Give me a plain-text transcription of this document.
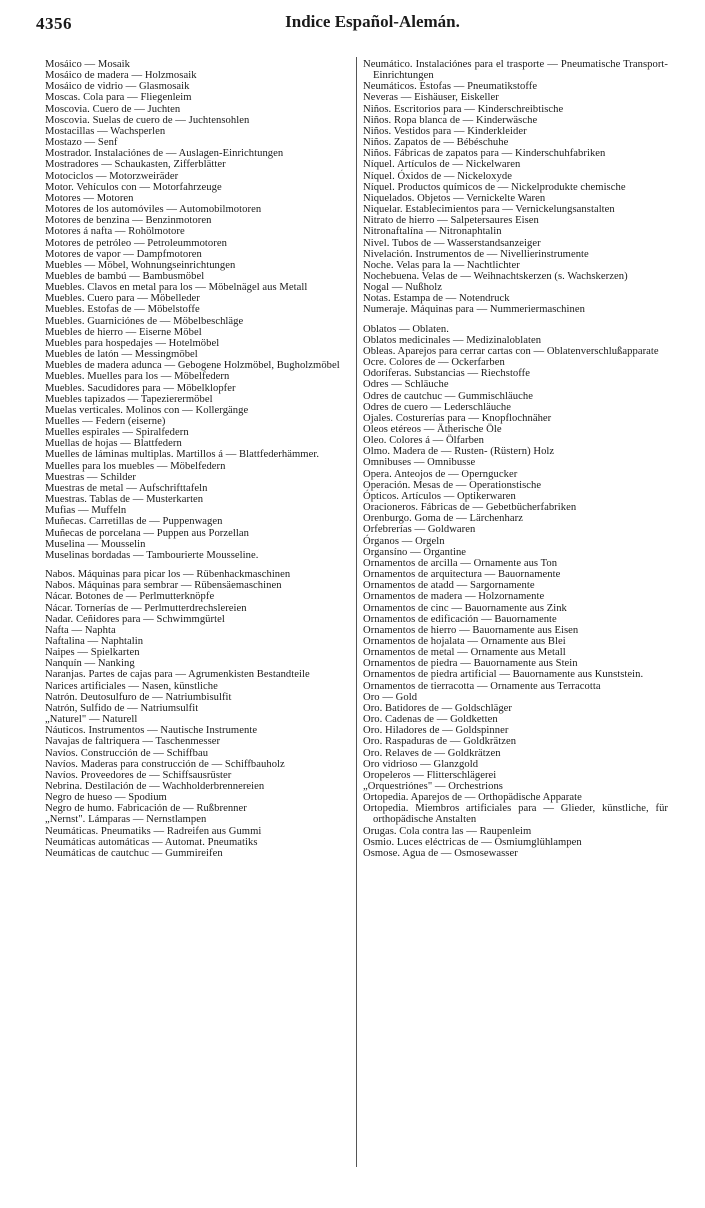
4356	Indice Español-Alemán.
Mosáico — Mosaik
Mosáico de madera — Holzmosaik
Mosáico de vidrio — Glasmosaik
Moscas. Cola para — Fliegenleim
Moscovia. Cuero de — Juchten
Moscovia. Suelas de cuero de — Juchtensohlen
Mostacillas — Wachsperlen
Mostazo — Senf
Mostrador. Instalaciónes de — Auslagen-Einrichtungen
Mostradores — Schaukasten, Zifferblätter
Motociclos — Motorzweiräder
Motor. Vehículos con — Motorfahrzeuge
Motores — Motoren
Motores de los automóviles — Automobilmotoren
Motores de benzina — Benzinmotoren
Motores á nafta — Rohölmotore
Motores de petróleo — Petroleummotoren
Motores de vapor — Dampfmotoren
Muebles — Möbel, Wohnungseinrichtungen
Muebles de bambú — Bambusmöbel
Muebles. Clavos en metal para los — Möbelnägel aus Metall
Muebles. Cuero para — Möbelleder
Muebles. Estofas de — Möbelstoffe
Muebles. Guarniciónes de — Möbelbeschläge
Muebles de hierro — Eiserne Möbel
Muebles para hospedajes — Hotelmöbel
Muebles de latón — Messingmöbel
Muebles de madera adunca — Gebogene Holzmöbel, Bugholzmöbel
Muebles. Muelles para los — Möbelfedern
Muebles. Sacudidores para — Möbelklopfer
Muebles tapizados — Tapezierermöbel
Muelas verticales. Molinos con — Kollergänge
Muelles — Federn (eiserne)
Muelles espirales — Spiralfedern
Muellas de hojas — Blattfedern
Muelles de láminas multiplas. Martillos á — Blattfederhämmer.
Muelles para los muebles — Möbelfedern
Muestras — Schilder
Muestras de metal — Aufschrifttafeln
Muestras. Tablas de — Musterkarten
Mufias — Muffeln
Muñecas. Carretillas de — Puppenwagen
Muñecas de porcelana — Puppen aus Porzellan
Muselina — Mousselin
Muselinas bordadas — Tambourierte Mousseline.
Nabos. Máquinas para picar los — Rübenhackmaschinen
Nabos. Máquinas para sembrar — Rübensäemaschinen
Nácar. Botones de — Perlmutterknöpfe
Nácar. Tornerías de — Perlmutterdrechslereien
Nadar. Ceñidores para — Schwimmgürtel
Nafta — Naphta
Naftalina — Naphtalin
Naipes — Spielkarten
Nanquín — Nanking
Naranjas. Partes de cajas para — Agrumenkisten Bestandteile
Narices artificiales — Nasen, künstliche
Natrón. Deutosulfuro de — Natriumbisulfit
Natrón, Sulfido de — Natriumsulfit
„Naturel" — Naturell
Náuticos. Instrumentos — Nautische Instrumente
Navajas de faltriquera — Taschenmesser
Navíos. Construcción de — Schiffbau
Navíos. Maderas para construcción de — Schiffbauholz
Navíos. Proveedores de — Schiffsausrüster
Nebrina. Destilación de — Wachholderbrennereien
Negro de hueso — Spodium
Negro de humo. Fabricación de — Rußbrenner
„Nernst". Lámparas — Nernstlampen
Neumáticas. Pneumatiks — Radreifen aus Gummi
Neumáticas automáticas — Automat. Pneumatiks
Neumáticas de cautchuc — Gummireifen
Neumático. Instalaciónes para el trasporte — Pneumatische Transport-Einrichtungen
Neumáticos. Estofas — Pneumatikstoffe
Neveras — Eishäuser, Eiskeller
Niños. Escritorios para — Kinderschreibtische
Niños. Ropa blanca de — Kinderwäsche
Niños. Vestidos para — Kinderkleider
Niños. Zapatos de — Bébéschuhe
Niños. Fábricas de zapatos para — Kinderschuhfabriken
Níquel. Artículos de — Nickelwaren
Níquel. Óxidos de — Nickeloxyde
Níquel. Productos químicos de — Nickelprodukte chemische
Niquelados. Objetos — Vernickelte Waren
Niquelar. Establecimientos para — Vernickelungsanstalten
Nitrato de hierro — Salpetersaures Eisen
Nitronaftalína — Nitronaphtalin
Nivel. Tubos de — Wasserstandsanzeiger
Nivelación. Instrumentos de — Nivellierinstrumente
Noche. Velas para la — Nachtlichter
Nochebuena. Velas de — Weihnachtskerzen (s. Wachskerzen)
Nogal — Nußholz
Notas. Estampa de — Notendruck
Numeraje. Máquinas para — Nummeriermaschinen
Oblatos — Oblaten.
Oblatos medicinales — Medizinaloblaten
Obleas. Aparejos para cerrar cartas con — Oblatenverschlußapparate
Ocre. Colores de — Ockerfarben
Odoríferas. Substancias — Riechstoffe
Odres — Schläuche
Odres de cautchuc — Gummischläuche
Odres de cuero — Lederschläuche
Ojales. Costurerías para — Knopflochnäher
Oleos etéreos — Ätherische Öle
Oleo. Colores á — Ölfarben
Olmo. Madera de — Rusten- (Rüstern) Holz
Omnibuses — Omnibusse
Opera. Anteojos de — Operngucker
Operación. Mesas de — Operationstische
Ópticos. Artículos — Optikerwaren
Oracioneros. Fábricas de — Gebetbücherfabriken
Orenburgo. Goma de — Lärchenharz
Orfebrerías — Goldwaren
Órganos — Orgeln
Organsíno — Organtine
Ornamentos de arcilla — Ornamente aus Ton
Ornamentos de arquitectura — Bauornamente
Ornamentos de atadd — Sargornamente
Ornamentos de madera — Holzornamente
Ornamentos de cinc — Bauornamente aus Zink
Ornamentos de edificación — Bauornamente
Ornamentos de hierro — Bauornamente aus Eisen
Ornamentos de hojalata — Ornamente aus Blei
Ornamentos de metal — Ornamente aus Metall
Ornamentos de piedra — Bauornamente aus Stein
Ornamentos de piedra artificial — Bauornamente aus Kunststein.
Ornamentos de tierracotta — Ornamente aus Terracotta
Oro — Gold
Oro. Batidores de — Goldschläger
Oro. Cadenas de — Goldketten
Oro. Hiladores de — Goldspinner
Oro. Raspaduras de — Goldkrätzen
Oro. Relaves de — Goldkrätzen
Oro vidrioso — Glanzgold
Oropeleros — Flitterschlägerei
„Orquestriónes" — Orchestrions
Ortopedia. Aparejos de — Orthopädische Apparate
Ortopedia. Miembros artificiales para — Glieder, künstliche, für orthopädische Anstalten
Orugas. Cola contra las — Raupenleim
Osmio. Luces eléctricas de — Osmiumglühlampen
Osmose. Agua de — Osmosewasser
